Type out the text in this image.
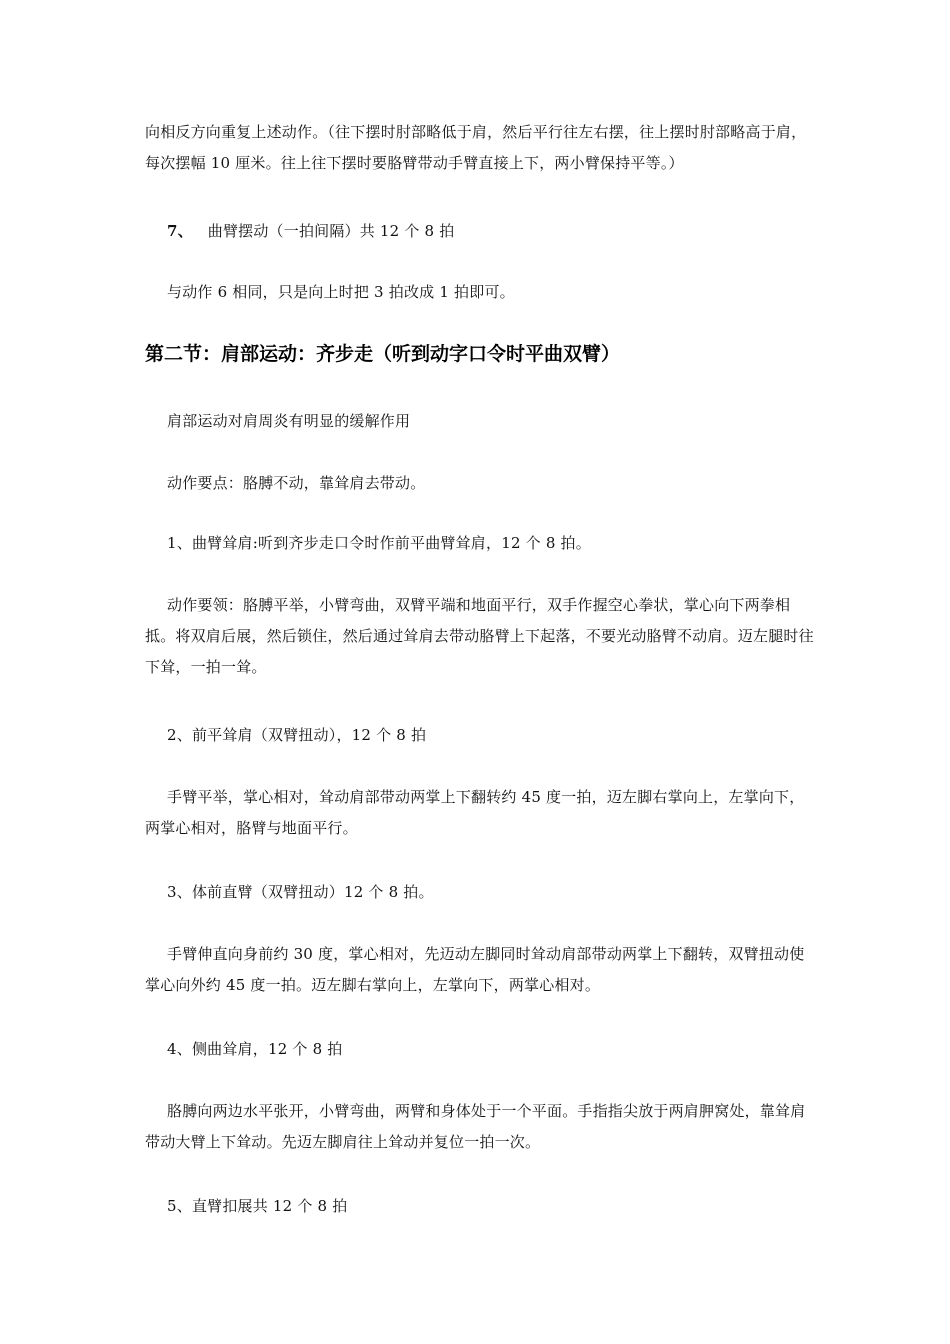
向相反方向重复上述动作。（往下摆时肘部略低于肩，然后平行往左右摆，往上摆时肘部略高于肩，每次摆幅 10 厘米。往上往下摆时要胳臂带动手臂直接上下，两小臂保持平等。）
7、 曲臂摆动（一拍间隔）共 12 个 8 拍
与动作 6 相同，只是向上时把 3 拍改成 1 拍即可。
第二节：肩部运动：齐步走（听到动字口令时平曲双臂）
肩部运动对肩周炎有明显的缓解作用
动作要点：胳膊不动，靠耸肩去带动。
1、曲臂耸肩:听到齐步走口令时作前平曲臂耸肩，12 个 8 拍。
动作要领：胳膊平举，小臂弯曲，双臂平端和地面平行，双手作握空心拳状，掌心向下两拳相抵。将双肩后展，然后锁住，然后通过耸肩去带动胳臂上下起落，不要光动胳臂不动肩。迈左腿时往下耸，一拍一耸。
2、前平耸肩（双臂扭动），12 个 8 拍
手臂平举，掌心相对，耸动肩部带动两掌上下翻转约 45 度一拍，迈左脚右掌向上，左掌向下，两掌心相对，胳臂与地面平行。
3、体前直臂（双臂扭动）12 个 8 拍。
手臂伸直向身前约 30 度，掌心相对，先迈动左脚同时耸动肩部带动两掌上下翻转，双臂扭动使掌心向外约 45 度一拍。迈左脚右掌向上，左掌向下，两掌心相对。
4、侧曲耸肩，12 个 8 拍
胳膊向两边水平张开，小臂弯曲，两臂和身体处于一个平面。手指指尖放于两肩胛窝处，靠耸肩带动大臂上下耸动。先迈左脚肩往上耸动并复位一拍一次。
5、直臂扣展共 12 个 8 拍
